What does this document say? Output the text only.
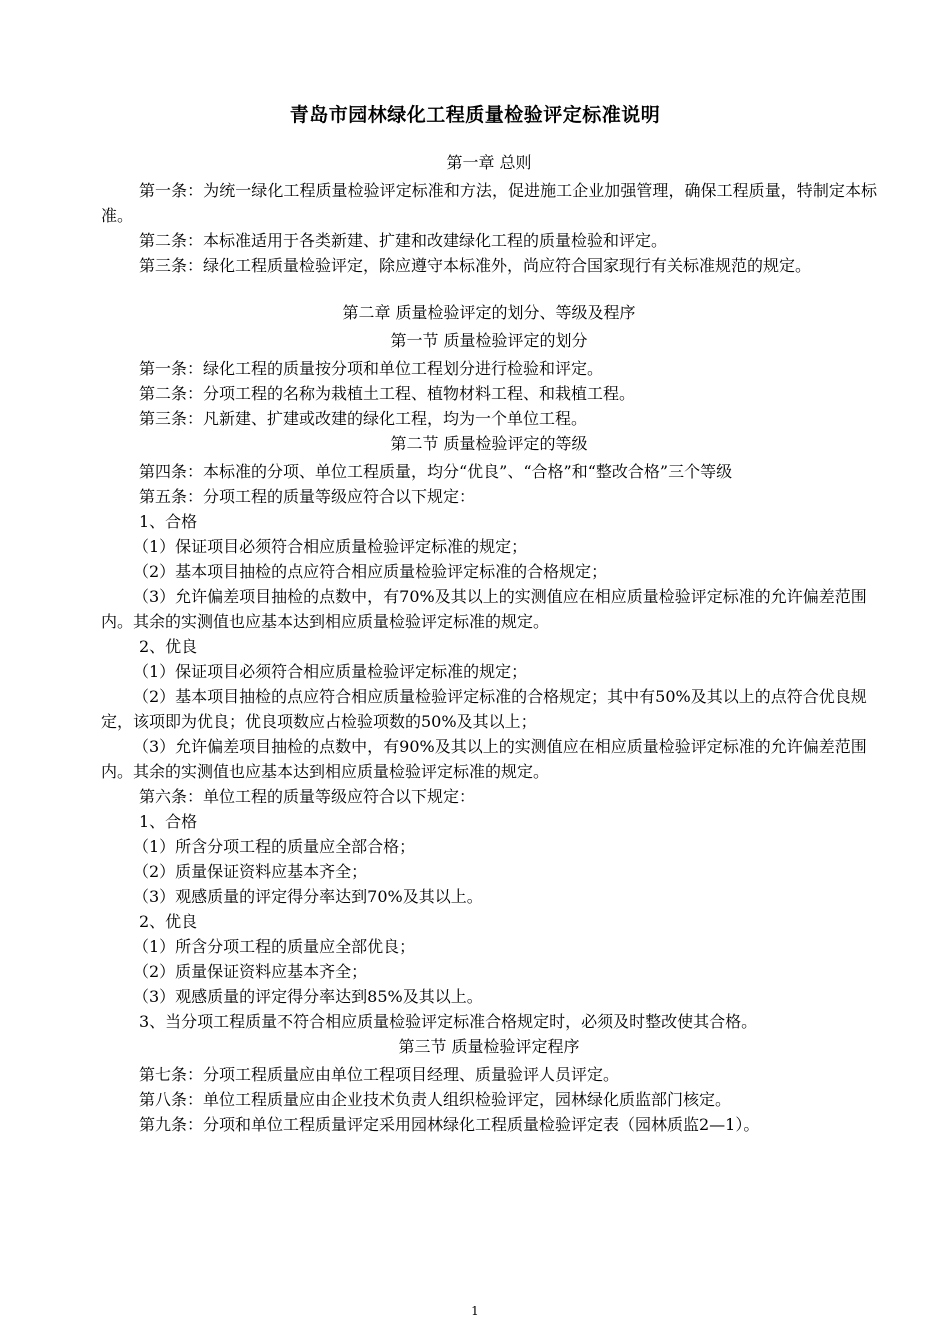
青岛市园林绿化工程质量检验评定标准说明

第一章 总则

第一条：为统一绿化工程质量检验评定标准和方法，促进施工企业加强管理，确保工程质量，特制定本标准。

第二条：本标准适用于各类新建、扩建和改建绿化工程的质量检验和评定。

第三条：绿化工程质量检验评定，除应遵守本标准外，尚应符合国家现行有关标准规范的规定。

第二章 质量检验评定的划分、等级及程序

第一节 质量检验评定的划分

第一条：绿化工程的质量按分项和单位工程划分进行检验和评定。

第二条：分项工程的名称为栽植土工程、植物材料工程、和栽植工程。

第三条：凡新建、扩建或改建的绿化工程，均为一个单位工程。

第二节 质量检验评定的等级

第四条：本标准的分项、单位工程质量，均分“优良”、“合格”和“整改合格”三个等级

第五条：分项工程的质量等级应符合以下规定：

1、合格

（1）保证项目必须符合相应质量检验评定标准的规定；

（2）基本项目抽检的点应符合相应质量检验评定标准的合格规定；

（3）允许偏差项目抽检的点数中，有70%及其以上的实测值应在相应质量检验评定标准的允许偏差范围内。其余的实测值也应基本达到相应质量检验评定标准的规定。

2、优良

（1）保证项目必须符合相应质量检验评定标准的规定；

（2）基本项目抽检的点应符合相应质量检验评定标准的合格规定；其中有50%及其以上的点符合优良规定，该项即为优良；优良项数应占检验项数的50%及其以上；

（3）允许偏差项目抽检的点数中，有90%及其以上的实测值应在相应质量检验评定标准的允许偏差范围内。其余的实测值也应基本达到相应质量检验评定标准的规定。

第六条：单位工程的质量等级应符合以下规定：

1、合格

（1）所含分项工程的质量应全部合格；

（2）质量保证资料应基本齐全；

（3）观感质量的评定得分率达到70%及其以上。

2、优良

（1）所含分项工程的质量应全部优良；

（2）质量保证资料应基本齐全；

（3）观感质量的评定得分率达到85%及其以上。

3、当分项工程质量不符合相应质量检验评定标准合格规定时，必须及时整改使其合格。

第三节 质量检验评定程序

第七条：分项工程质量应由单位工程项目经理、质量验评人员评定。

第八条：单位工程质量应由企业技术负责人组织检验评定，园林绿化质监部门核定。

第九条：分项和单位工程质量评定采用园林绿化工程质量检验评定表（园林质监2—1）。

1
